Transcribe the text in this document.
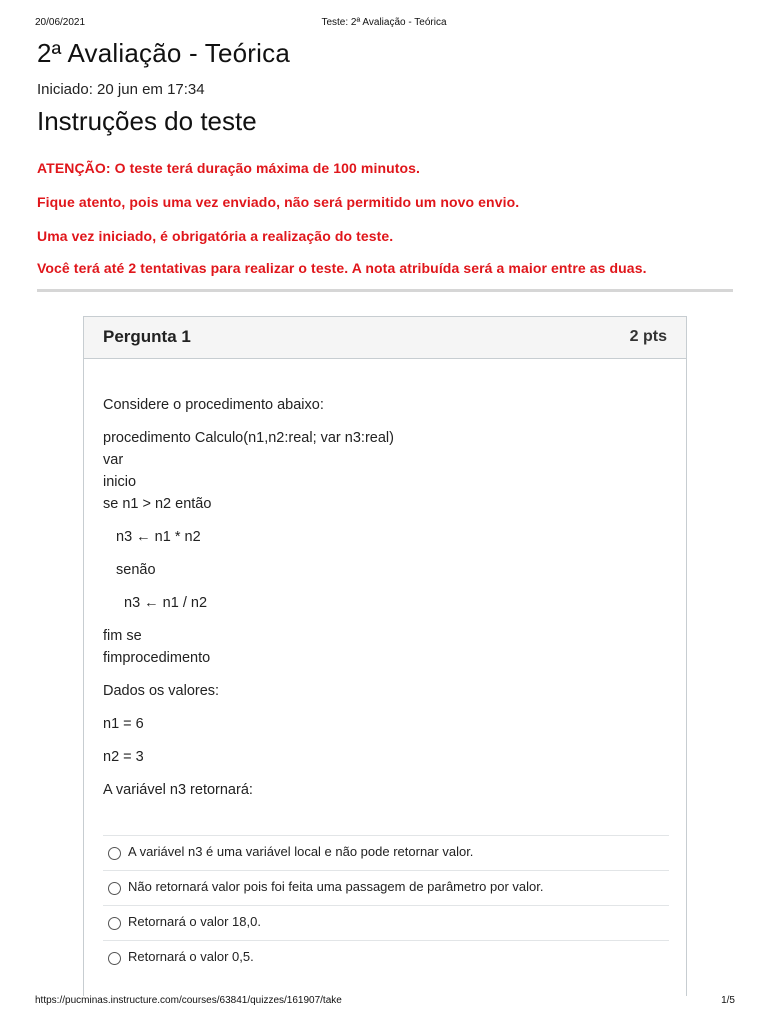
20/06/2021	Teste: 2ª Avaliação - Teórica
2ª Avaliação - Teórica
Iniciado: 20 jun em 17:34
Instruções do teste
ATENÇÃO: O teste terá duração máxima de 100 minutos.
Fique atento, pois uma vez enviado, não será permitido um novo envio.
Uma vez iniciado, é obrigatória a realização do teste.
Você terá até 2 tentativas para realizar o teste. A nota atribuída será a maior entre as duas.
Pergunta 1	2 pts
Considere o procedimento abaixo:
procedimento Calculo(n1,n2:real; var n3:real)
var
inicio
se n1 > n2 então
n3 ← n1 * n2
senão
n3 ← n1 / n2
fim se
fimprocedimento
Dados os valores:
n1 = 6
n2 = 3
A variável n3 retornará:
A variável n3 é uma variável local e não pode retornar valor.
Não retornará valor pois foi feita uma passagem de parâmetro por valor.
Retornará o valor 18,0.
Retornará o valor 0,5.
https://pucminas.instructure.com/courses/63841/quizzes/161907/take	1/5
